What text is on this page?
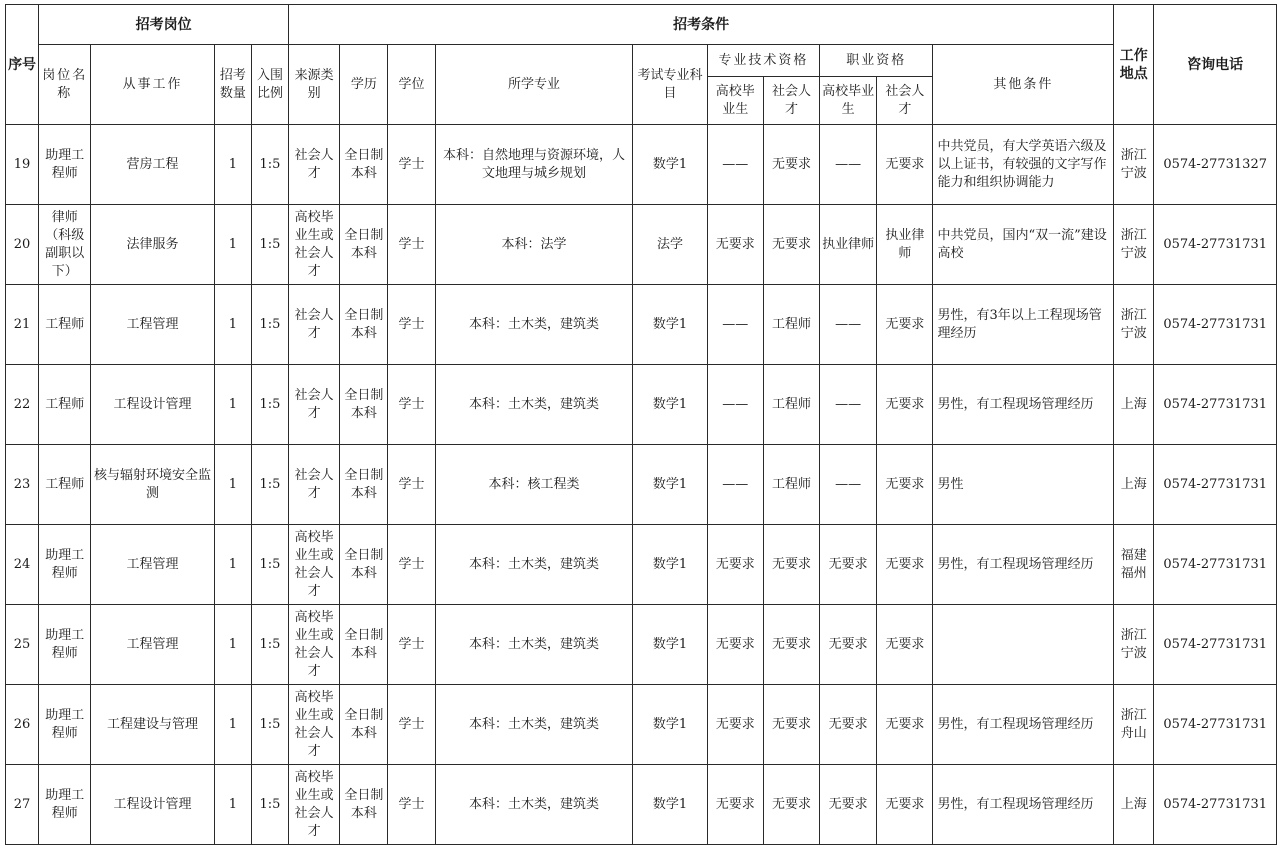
序号	招考岗位				招考条件										工作地点	咨询电话
	岗位名称	从事工作	招考数量	入围比例	来源类别	学历	学位	所学专业	考试专业科　目	专业技术资格		职业资格		其他条件		
										高校毕业生	社会人才	高校毕业生	社会人才			
19	助理工程师	营房工程	1	1:5	社会人才	全日制本科	学士	本科：自然地理与资源环境，人文地理与城乡规划	数学1	——	无要求	——	无要求	中共党员，有大学英语六级及以上证书，有较强的文字写作能力和组织协调能力	浙江宁波	0574-27731327
20	律师（科级副职以下）	法律服务	1	1:5	高校毕业生或社会人才	全日制本科	学士	本科：法学	法学	无要求	无要求	执业律师	执业律师	中共党员，国内“双一流”建设高校	浙江宁波	0574-27731731
21	工程师	工程管理	1	1:5	社会人才	全日制本科	学士	本科：土木类，建筑类	数学1	——	工程师	——	无要求	男性，有3年以上工程现场管理经历	浙江宁波	0574-27731731
22	工程师	工程设计管理	1	1:5	社会人才	全日制本科	学士	本科：土木类，建筑类	数学1	——	工程师	——	无要求	男性，有工程现场管理经历	上海	0574-27731731
23	工程师	核与辐射环境安全监测	1	1:5	社会人才	全日制本科	学士	本科：核工程类	数学1	——	工程师	——	无要求	男性	上海	0574-27731731
24	助理工程师	工程管理	1	1:5	高校毕业生或社会人才	全日制本科	学士	本科：土木类，建筑类	数学1	无要求	无要求	无要求	无要求	男性，有工程现场管理经历	福建福州	0574-27731731
25	助理工程师	工程管理	1	1:5	高校毕业生或社会人才	全日制本科	学士	本科：土木类，建筑类	数学1	无要求	无要求	无要求	无要求		浙江宁波	0574-27731731
26	助理工程师	工程建设与管理	1	1:5	高校毕业生或社会人才	全日制本科	学士	本科：土木类，建筑类	数学1	无要求	无要求	无要求	无要求	男性，有工程现场管理经历	浙江舟山	0574-27731731
27	助理工程师	工程设计管理	1	1:5	高校毕业生或社会人才	全日制本科	学士	本科：土木类，建筑类	数学1	无要求	无要求	无要求	无要求	男性，有工程现场管理经历	上海	0574-27731731
